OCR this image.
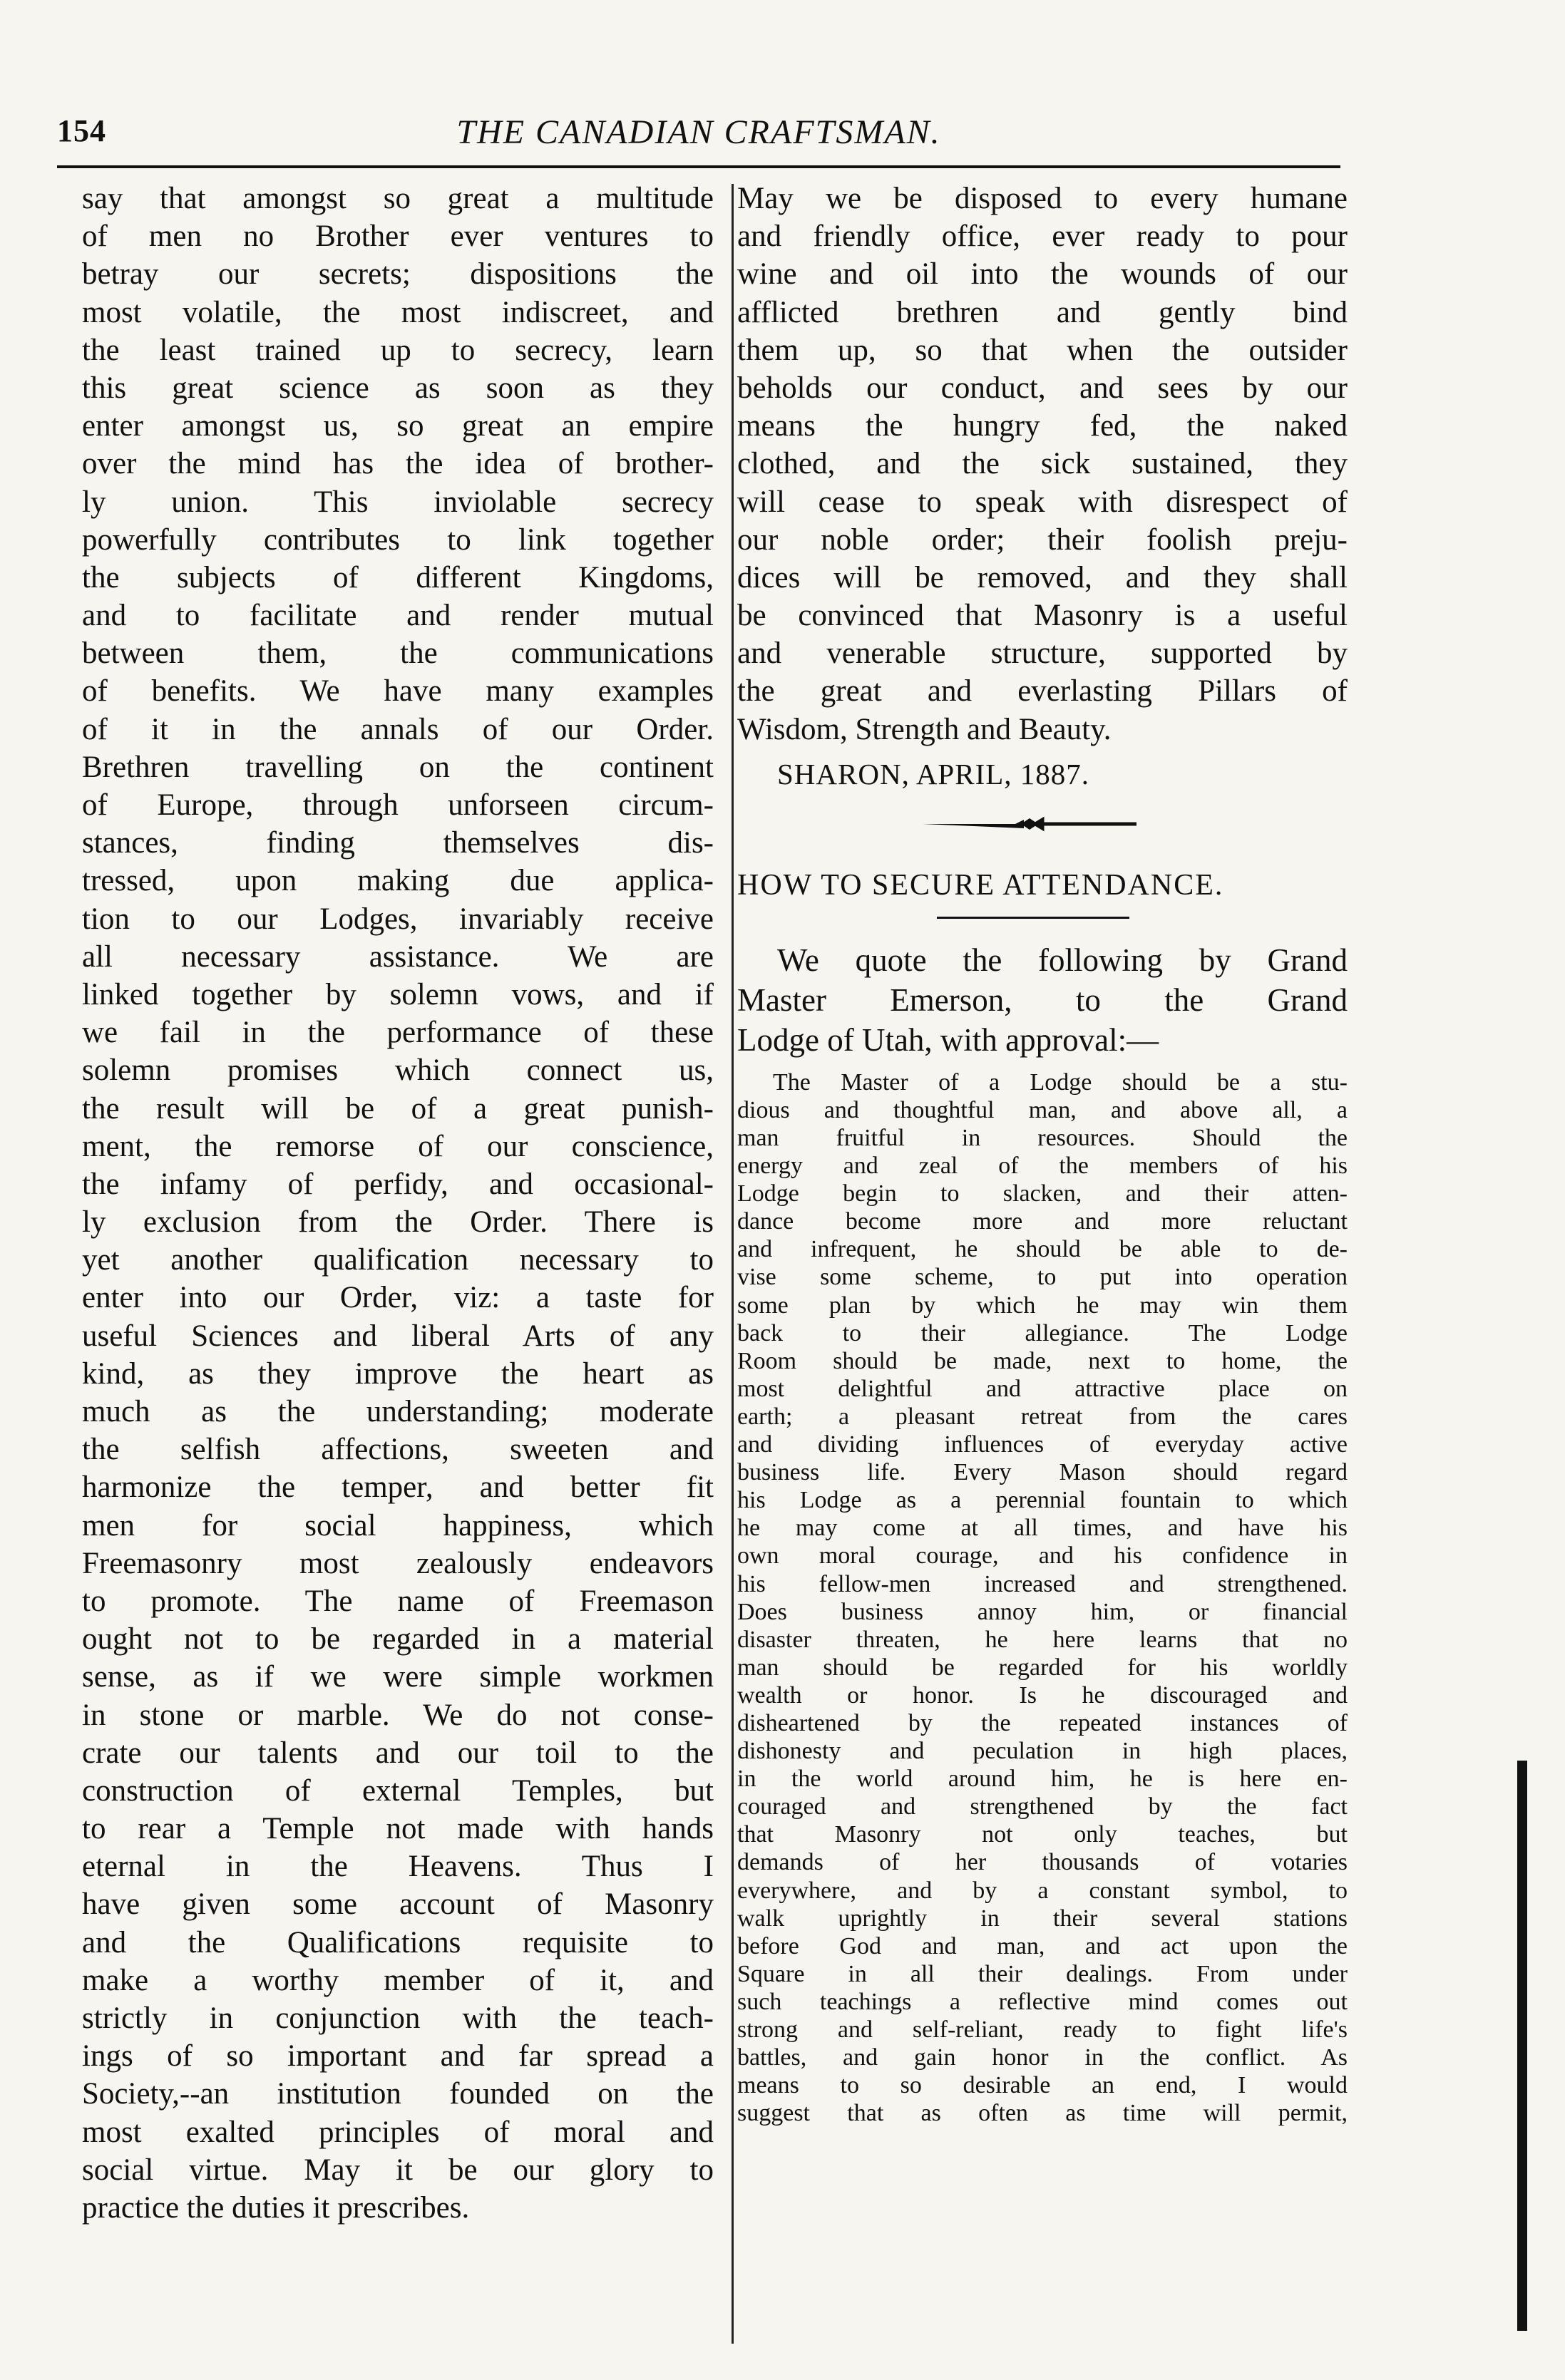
154	THE CANADIAN CRAFTSMAN.
say that amongst so great a multitude
of men no Brother ever ventures to
betray our secrets; dispositions the
most volatile, the most indiscreet, and
the least trained up to secrecy, learn
this great science as soon as they
enter amongst us, so great an empire
over the mind has the idea of brother-
ly union. This inviolable secrecy
powerfully contributes to link together
the subjects of different Kingdoms,
and to facilitate and render mutual
between them, the communications
of benefits. We have many examples
of it in the annals of our Order.
Brethren travelling on the continent
of Europe, through unforseen circum-
stances, finding themselves dis-
tressed, upon making due applica-
tion to our Lodges, invariably receive
all necessary assistance. We are
linked together by solemn vows, and if
we fail in the performance of these
solemn promises which connect us,
the result will be of a great punish-
ment, the remorse of our conscience,
the infamy of perfidy, and occasional-
ly exclusion from the Order. There is
yet another qualification necessary to
enter into our Order, viz: a taste for
useful Sciences and liberal Arts of any
kind, as they improve the heart as
much as the understanding; moderate
the selfish affections, sweeten and
harmonize the temper, and better fit
men for social happiness, which
Freemasonry most zealously endeavors
to promote. The name of Freemason
ought not to be regarded in a material
sense, as if we were simple workmen
in stone or marble. We do not conse-
crate our talents and our toil to the
construction of external Temples, but
to rear a Temple not made with hands
eternal in the Heavens. Thus I
have given some account of Masonry
and the Qualifications requisite to
make a worthy member of it, and
strictly in conjunction with the teach-
ings of so important and far spread a
Society,--an institution founded on the
most exalted principles of moral and
social virtue. May it be our glory to
practice the duties it prescribes.
May we be disposed to every humane
and friendly office, ever ready to pour
wine and oil into the wounds of our
afflicted brethren and gently bind
them up, so that when the outsider
beholds our conduct, and sees by our
means the hungry fed, the naked
clothed, and the sick sustained, they
will cease to speak with disrespect of
our noble order; their foolish preju-
dices will be removed, and they shall
be convinced that Masonry is a useful
and venerable structure, supported by
the great and everlasting Pillars of
Wisdom, Strength and Beauty.
SHARON, APRIL, 1887.
HOW TO SECURE ATTENDANCE.
We quote the following by Grand
Master Emerson, to the Grand
Lodge of Utah, with approval:—
The Master of a Lodge should be a stu-
dious and thoughtful man, and above all, a
man fruitful in resources. Should the
energy and zeal of the members of his
Lodge begin to slacken, and their atten-
dance become more and more reluctant
and infrequent, he should be able to de-
vise some scheme, to put into operation
some plan by which he may win them
back to their allegiance. The Lodge
Room should be made, next to home, the
most delightful and attractive place on
earth; a pleasant retreat from the cares
and dividing influences of everyday active
business life. Every Mason should regard
his Lodge as a perennial fountain to which
he may come at all times, and have his
own moral courage, and his confidence in
his fellow-men increased and strengthened.
Does business annoy him, or financial
disaster threaten, he here learns that no
man should be regarded for his worldly
wealth or honor. Is he discouraged and
disheartened by the repeated instances of
dishonesty and peculation in high places,
in the world around him, he is here en-
couraged and strengthened by the fact
that Masonry not only teaches, but
demands of her thousands of votaries
everywhere, and by a constant symbol, to
walk uprightly in their several stations
before God and man, and act upon the
Square in all their dealings. From under
such teachings a reflective mind comes out
strong and self-reliant, ready to fight life's
battles, and gain honor in the conflict. As
means to so desirable an end, I would
suggest that as often as time will permit,
